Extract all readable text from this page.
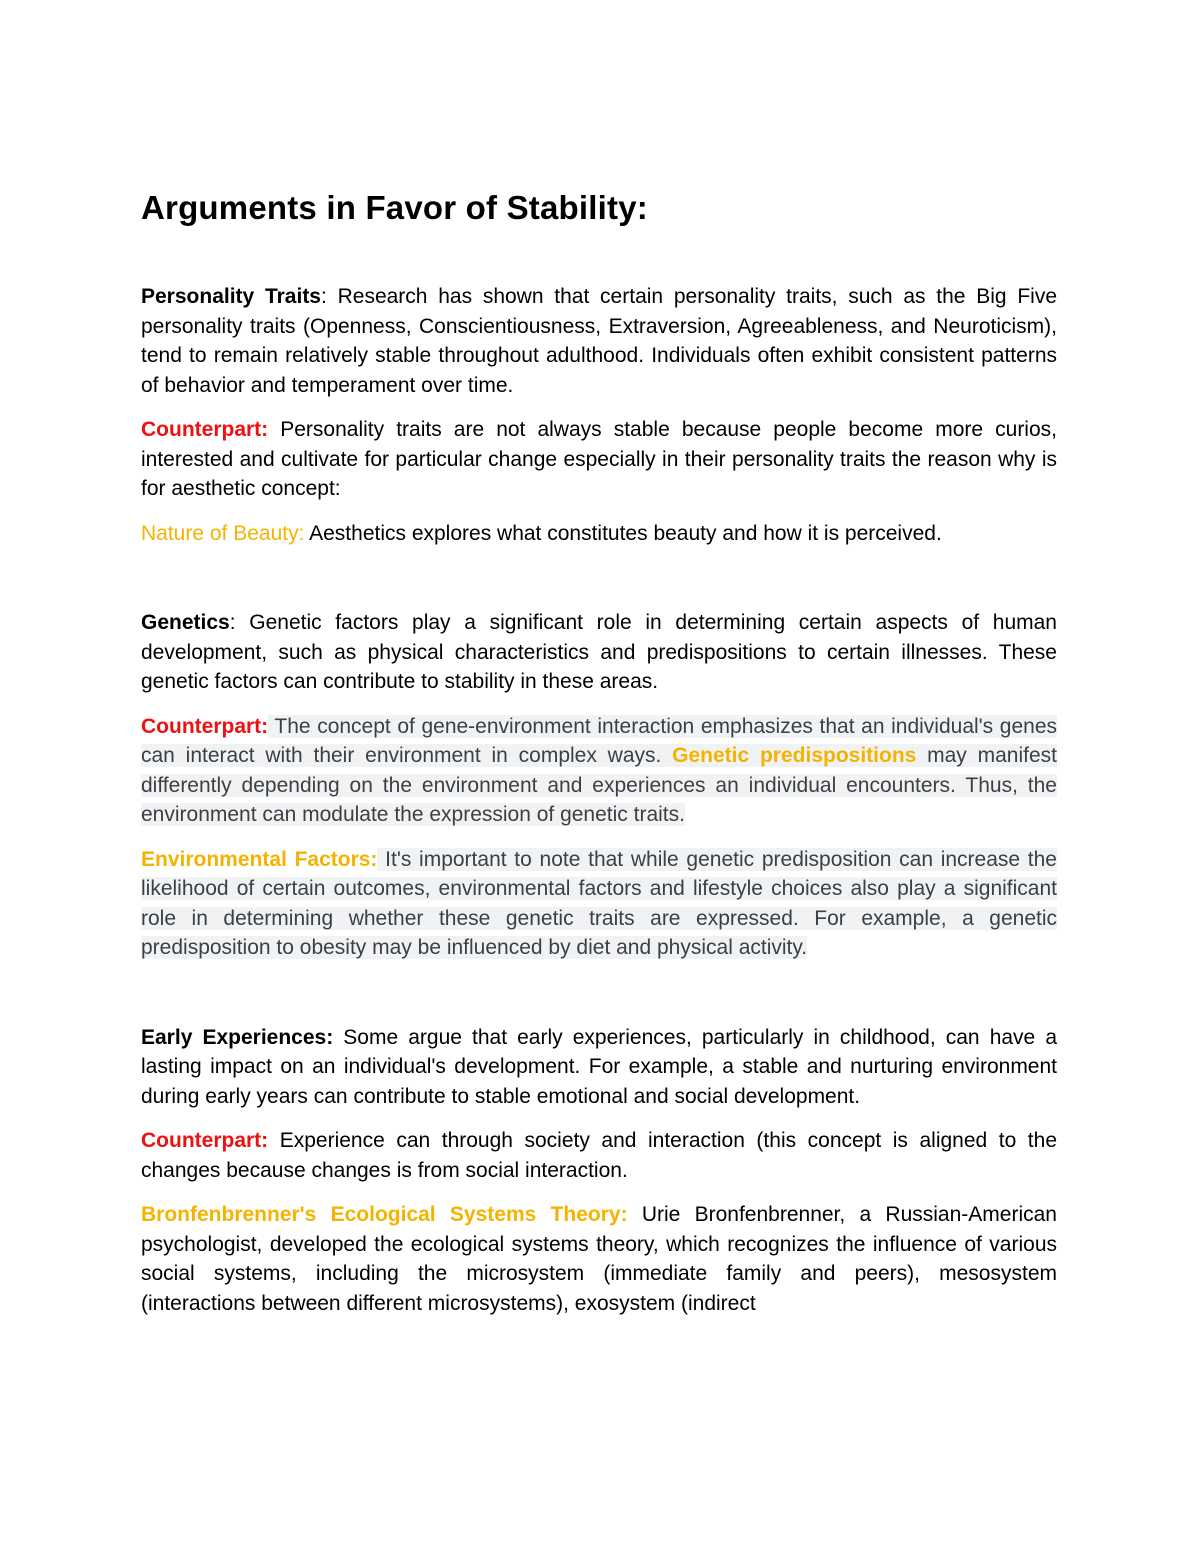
Arguments in Favor of Stability:

Personality Traits: Research has shown that certain personality traits, such as the Big Five personality traits (Openness, Conscientiousness, Extraversion, Agreeableness, and Neuroticism), tend to remain relatively stable throughout adulthood. Individuals often exhibit consistent patterns of behavior and temperament over time.

Counterpart: Personality traits are not always stable because people become more curios, interested and cultivate for particular change especially in their personality traits the reason why is for aesthetic concept:

Nature of Beauty: Aesthetics explores what constitutes beauty and how it is perceived.

Genetics: Genetic factors play a significant role in determining certain aspects of human development, such as physical characteristics and predispositions to certain illnesses. These genetic factors can contribute to stability in these areas.

Counterpart: The concept of gene-environment interaction emphasizes that an individual's genes can interact with their environment in complex ways. Genetic predispositions may manifest differently depending on the environment and experiences an individual encounters. Thus, the environment can modulate the expression of genetic traits.

Environmental Factors: It's important to note that while genetic predisposition can increase the likelihood of certain outcomes, environmental factors and lifestyle choices also play a significant role in determining whether these genetic traits are expressed. For example, a genetic predisposition to obesity may be influenced by diet and physical activity.

Early Experiences: Some argue that early experiences, particularly in childhood, can have a lasting impact on an individual's development. For example, a stable and nurturing environment during early years can contribute to stable emotional and social development.

Counterpart: Experience can through society and interaction (this concept is aligned to the changes because changes is from social interaction.

Bronfenbrenner's Ecological Systems Theory: Urie Bronfenbrenner, a Russian-American psychologist, developed the ecological systems theory, which recognizes the influence of various social systems, including the microsystem (immediate family and peers), mesosystem (interactions between different microsystems), exosystem (indirect
